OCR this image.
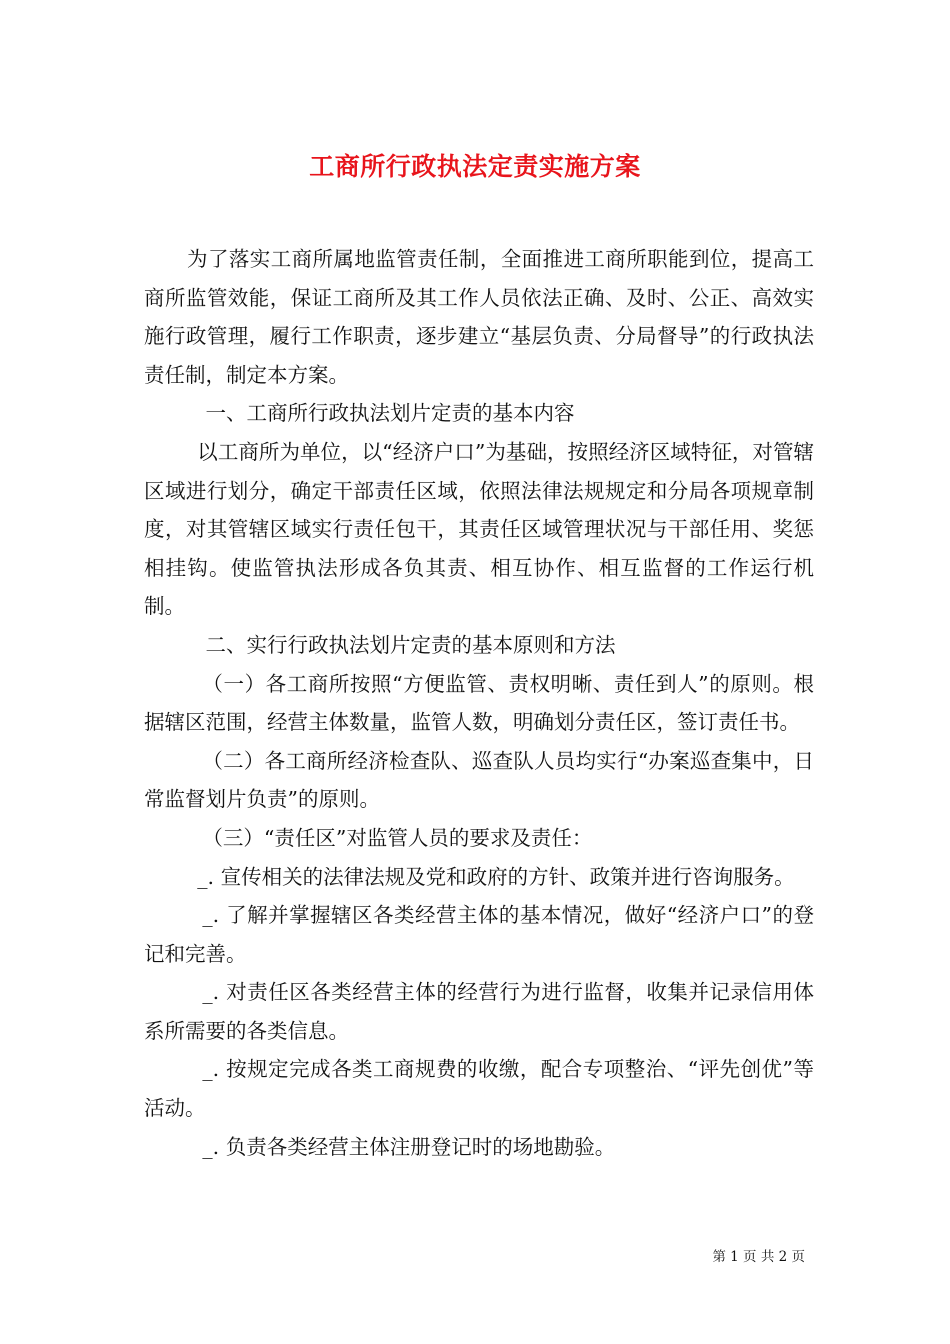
工商所行政执法定责实施方案

为了落实工商所属地监管责任制，全面推进工商所职能到位，提高工商所监管效能，保证工商所及其工作人员依法正确、及时、公正、高效实施行政管理，履行工作职责，逐步建立“基层负责、分局督导”的行政执法责任制，制定本方案。

一、工商所行政执法划片定责的基本内容

以工商所为单位，以“经济户口”为基础，按照经济区域特征，对管辖区域进行划分，确定干部责任区域，依照法律法规规定和分局各项规章制度，对其管辖区域实行责任包干，其责任区域管理状况与干部任用、奖惩相挂钩。使监管执法形成各负其责、相互协作、相互监督的工作运行机制。

二、实行行政执法划片定责的基本原则和方法

（一）各工商所按照“方便监管、责权明晰、责任到人”的原则。根据辖区范围，经营主体数量，监管人数，明确划分责任区，签订责任书。

（二）各工商所经济检查队、巡查队人员均实行“办案巡查集中，日常监督划片负责”的原则。

（三）“责任区”对监管人员的要求及责任：

_. 宣传相关的法律法规及党和政府的方针、政策并进行咨询服务。

_. 了解并掌握辖区各类经营主体的基本情况，做好“经济户口”的登记和完善。

_. 对责任区各类经营主体的经营行为进行监督，收集并记录信用体系所需要的各类信息。

_. 按规定完成各类工商规费的收缴，配合专项整治、“评先创优”等活动。

_. 负责各类经营主体注册登记时的场地勘验。

第 1 页 共 2 页
